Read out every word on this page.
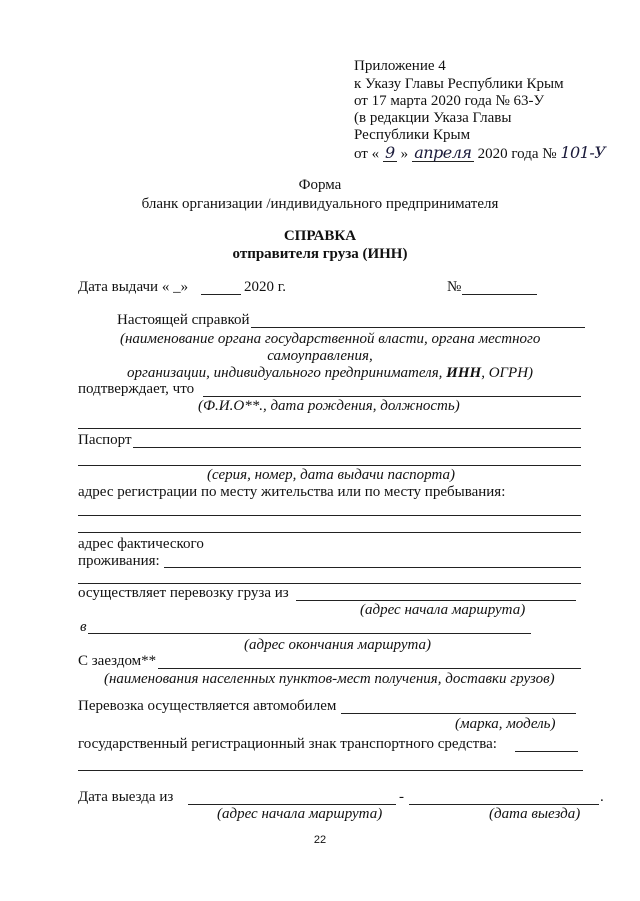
Приложение 4
к Указу Главы Республики Крым
от 17 марта 2020 года № 63-У
(в редакции Указа Главы
Республики Крым
от « 9 » апреля 2020 года № 101-У
Форма
бланк организации /индивидуального предпринимателя
СПРАВКА
отправителя груза (ИНН)
Дата выдачи « _»	2020 г.	№
Настоящей справкой
(наименование органа государственной власти, органа местного
самоуправления,
организации, индивидуального предпринимателя, ИНН, ОГРН)
подтверждает, что
(Ф.И.О**., дата рождения, должность)
Паспорт
(серия, номер, дата выдачи паспорта)
адрес регистрации по месту жительства или по месту пребывания:
адрес фактического
проживания:
осуществляет перевозку груза из
(адрес начала маршрута)
в
(адрес окончания маршрута)
С заездом**
(наименования населенных пунктов-мест получения, доставки грузов)
Перевозка осуществляется автомобилем
(марка, модель)
государственный регистрационный знак транспортного средства:
Дата выезда из	-	.
(адрес начала маршрута)	(дата выезда)
22
